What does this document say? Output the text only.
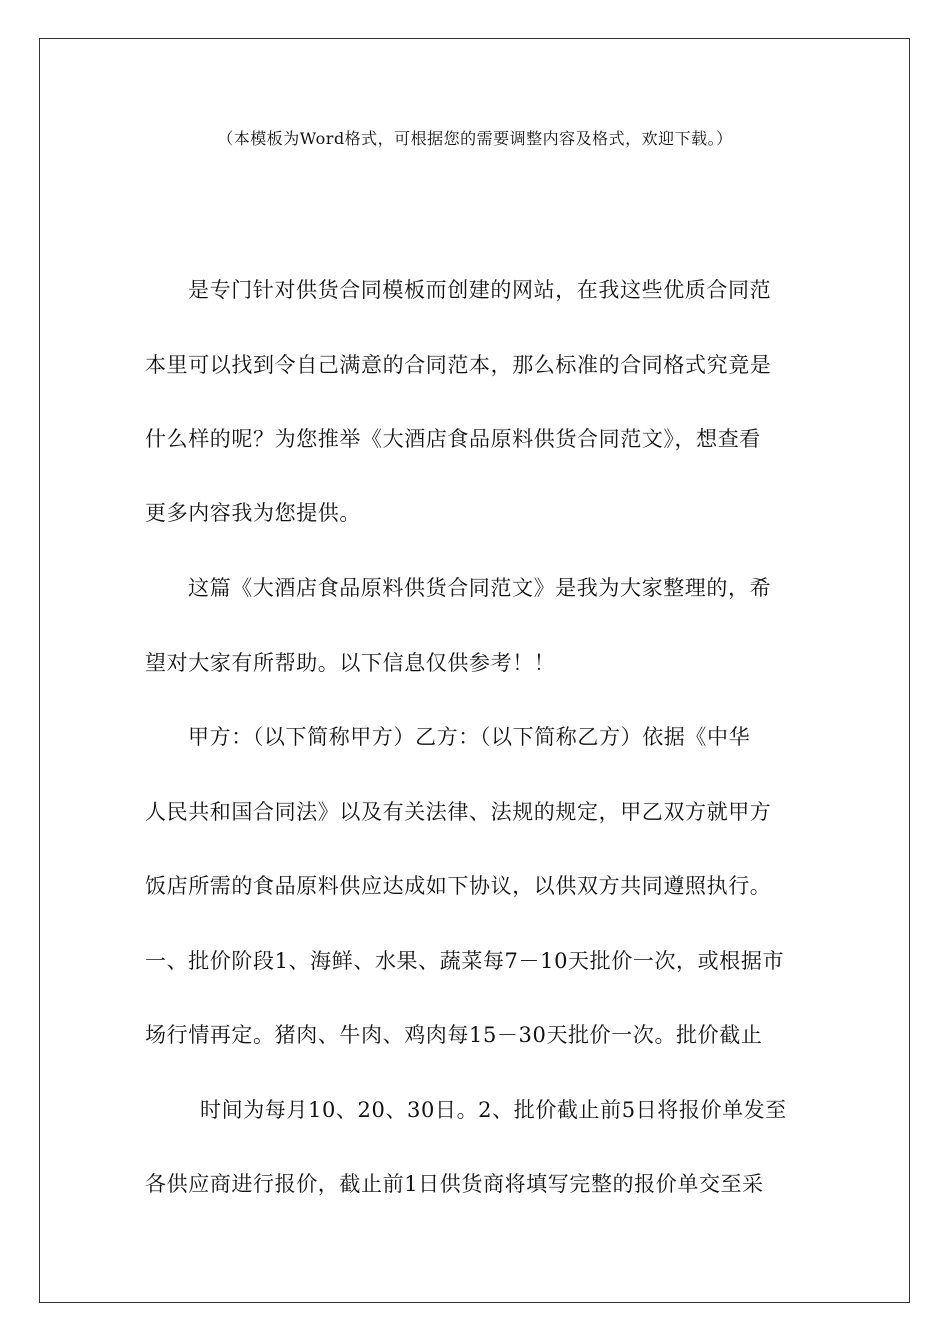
（本模板为Word格式，可根据您的需要调整内容及格式，欢迎下载。）
是专门针对供货合同模板而创建的网站，在我这些优质合同范
本里可以找到令自己满意的合同范本，那么标准的合同格式究竟是
什么样的呢？为您推举《大酒店食品原料供货合同范文》，想查看
更多内容我为您提供。
这篇《大酒店食品原料供货合同范文》是我为大家整理的，希
望对大家有所帮助。以下信息仅供参考！！
甲方：（以下简称甲方）乙方：（以下简称乙方）依据《中华
人民共和国合同法》以及有关法律、法规的规定，甲乙双方就甲方
饭店所需的食品原料供应达成如下协议，以供双方共同遵照执行。
一、批价阶段1、海鲜、水果、蔬菜每7－10天批价一次，或根据市
场行情再定。猪肉、牛肉、鸡肉每15－30天批价一次。批价截止
时间为每月10、20、30日。2、批价截止前5日将报价单发至
各供应商进行报价，截止前1日供货商将填写完整的报价单交至采
